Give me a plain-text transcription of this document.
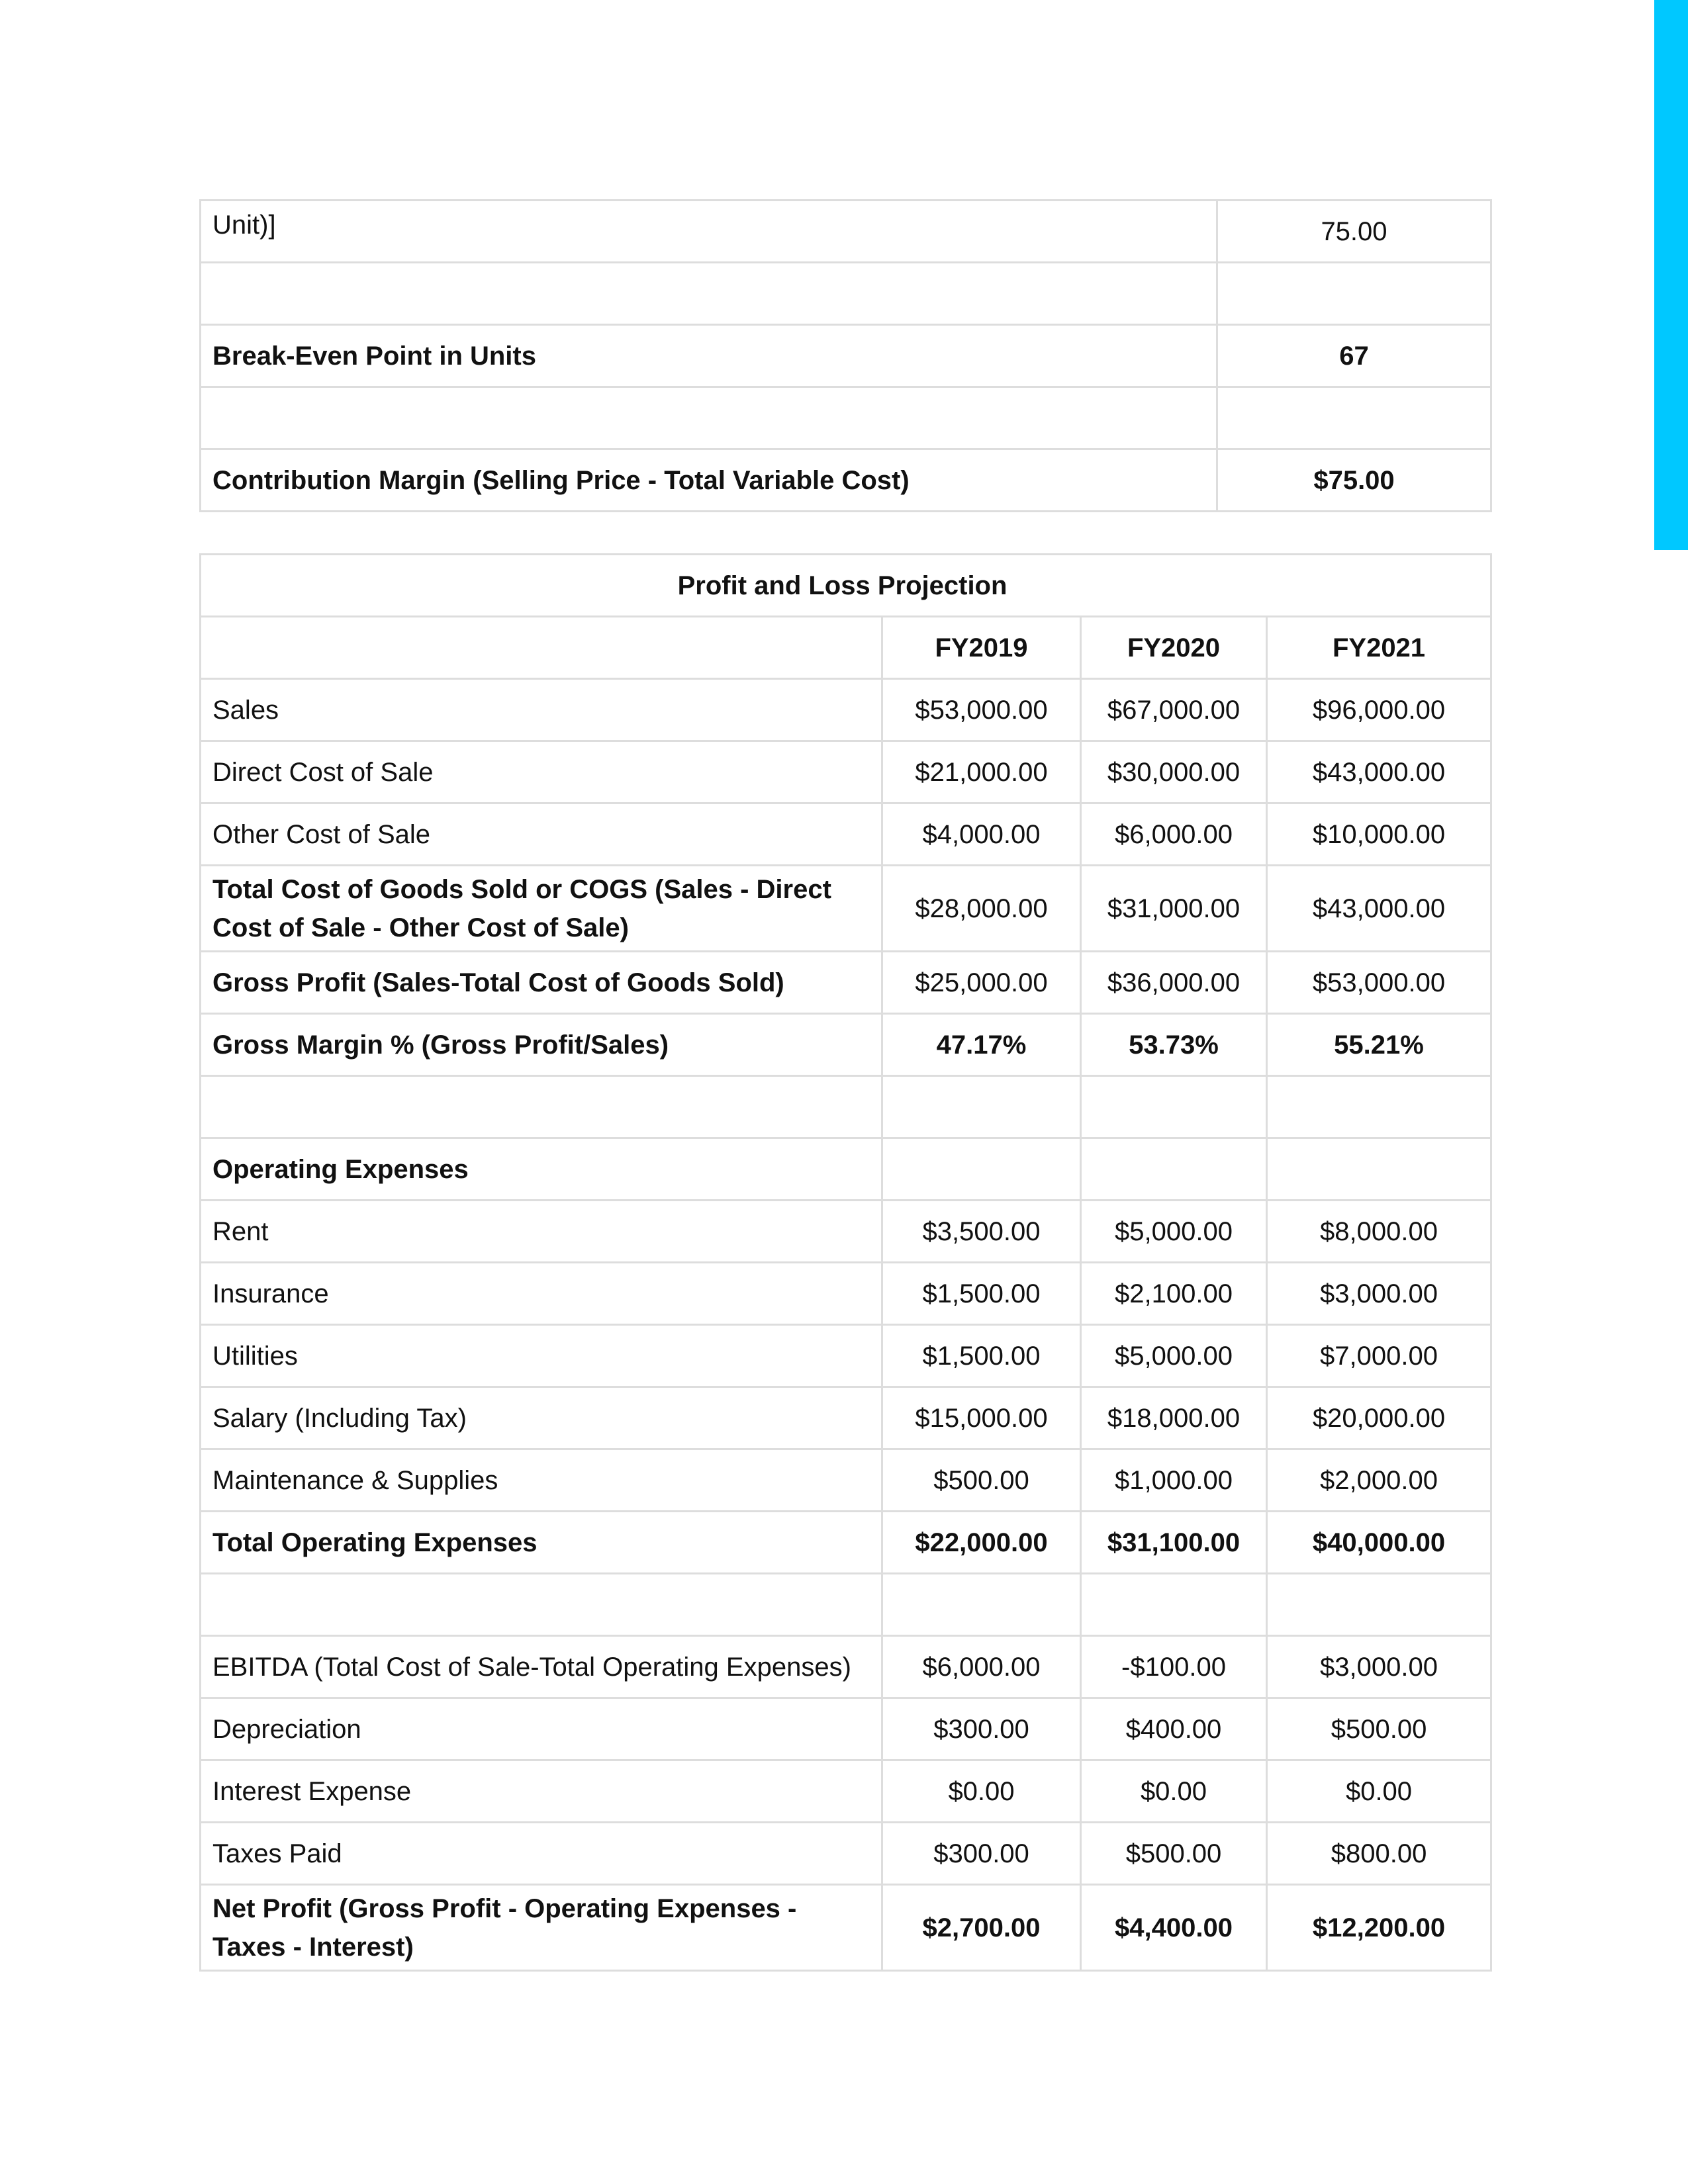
Unit)]	75.00

Break-Even Point in Units	67

Contribution Margin (Selling Price - Total Variable Cost)	$75.00
Profit and Loss Projection			
	FY2019	FY2020	FY2021
Sales	$53,000.00	$67,000.00	$96,000.00
Direct Cost of Sale	$21,000.00	$30,000.00	$43,000.00
Other Cost of Sale	$4,000.00	$6,000.00	$10,000.00
Total Cost of Goods Sold or COGS (Sales - Direct Cost of Sale - Other Cost of Sale)	$28,000.00	$31,000.00	$43,000.00
Gross Profit (Sales-Total Cost of Goods Sold)	$25,000.00	$36,000.00	$53,000.00
Gross Margin % (Gross Profit/Sales)	47.17%	53.73%	55.21%

Operating Expenses			
Rent	$3,500.00	$5,000.00	$8,000.00
Insurance	$1,500.00	$2,100.00	$3,000.00
Utilities	$1,500.00	$5,000.00	$7,000.00
Salary (Including Tax)	$15,000.00	$18,000.00	$20,000.00
Maintenance & Supplies	$500.00	$1,000.00	$2,000.00
Total Operating Expenses	$22,000.00	$31,100.00	$40,000.00

EBITDA (Total Cost of Sale-Total Operating Expenses)	$6,000.00	-$100.00	$3,000.00
Depreciation	$300.00	$400.00	$500.00
Interest Expense	$0.00	$0.00	$0.00
Taxes Paid	$300.00	$500.00	$800.00
Net Profit (Gross Profit - Operating Expenses - Taxes - Interest)	$2,700.00	$4,400.00	$12,200.00
